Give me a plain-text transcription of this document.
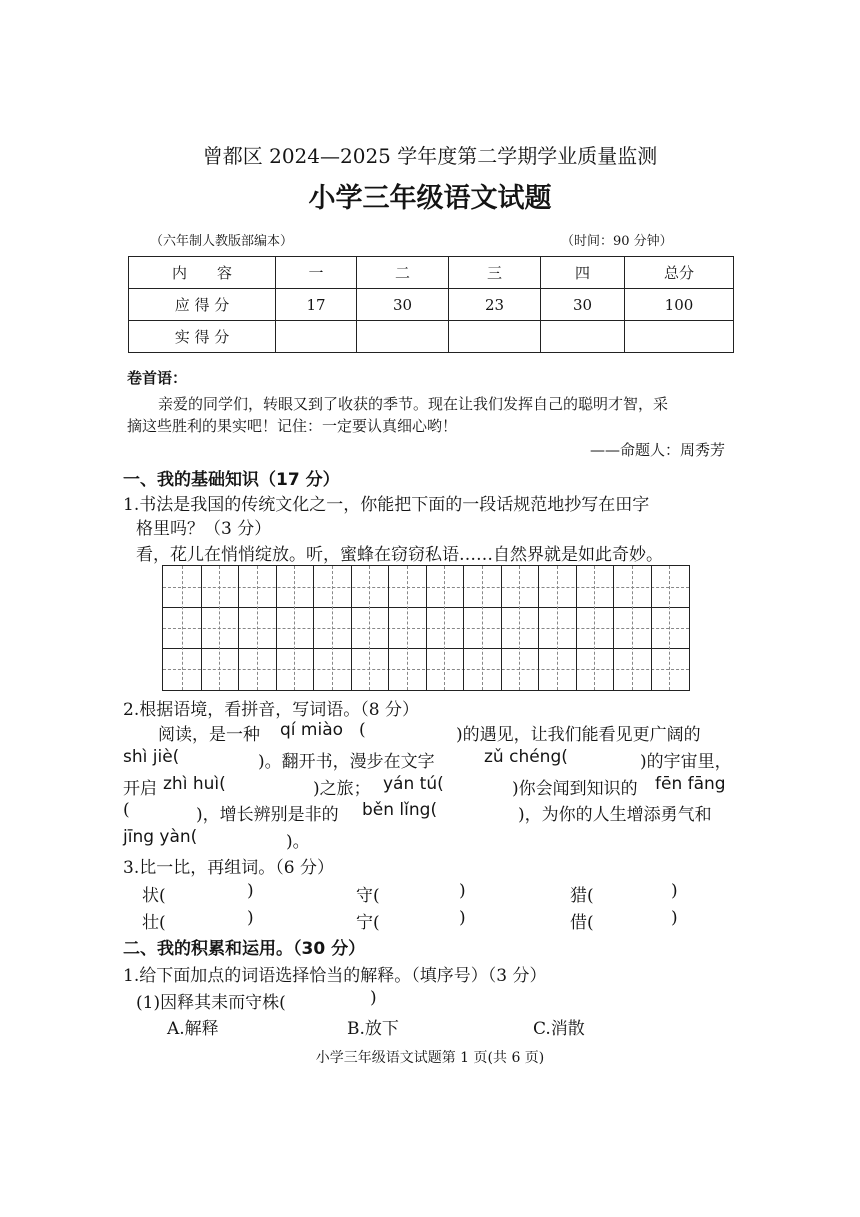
曾都区 2024—2025 学年度第二学期学业质量监测
小学三年级语文试题
（六年制人教版部编本）	（时间：90 分钟）
内　　容	一	二	三	四	总分
应 得 分	17	30	23	30	100
实 得 分					
卷首语：
亲爱的同学们，转眼又到了收获的季节。现在让我们发挥自己的聪明才智，采
摘这些胜利的果实吧！记住：一定要认真细心哟！
——命题人：周秀芳
一、我的基础知识（17 分）
1.书法是我国的传统文化之一，你能把下面的一段话规范地抄写在田字
格里吗？（3 分）
看，花儿在悄悄绽放。听，蜜蜂在窃窃私语……自然界就是如此奇妙。
2.根据语境，看拼音，写词语。（8 分）
阅读，是一种 qí miào (	)的遇见，让我们能看见更广阔的
shì jiè(	)。翻开书，漫步在文字	zǔ chéng(	)的宇宙里，
开启 zhì huì(	)之旅； yán tú(	)你会闻到知识的 fēn fāng
(	)，增长辨别是非的 běn lǐng(	)，为你的人生增添勇气和
jīng yàn(	)。
3.比一比，再组词。（6 分）
状(	)	守(	)	猎(	)
壮(	)	宁(	)	借(	)
二、我的积累和运用。（30 分）
1.给下面加点的词语选择恰当的解释。（填序号）（3 分）
(1)因释其耒而守株(	)
A.解释	B.放下	C.消散
小学三年级语文试题第 1 页(共 6 页)
